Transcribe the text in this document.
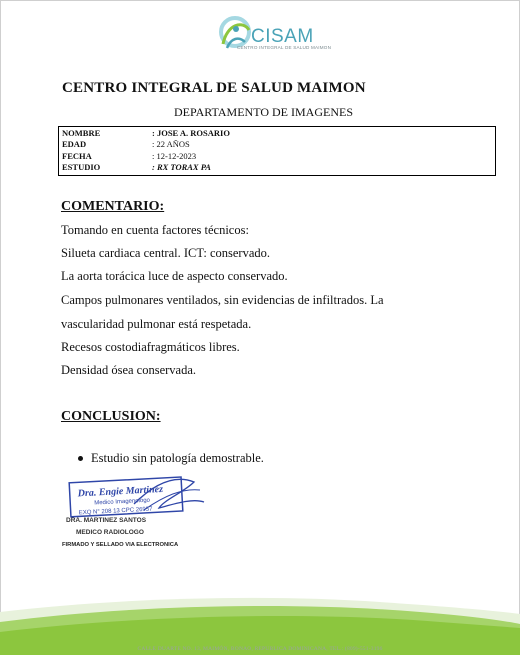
CISAM
CENTRO INTEGRAL DE SALUD MAIMON
CENTRO INTEGRAL DE SALUD MAIMON
DEPARTAMENTO DE IMAGENES
NOMBRE	: JOSE A. ROSARIO
EDAD	: 22 AÑOS
FECHA	: 12-12-2023
ESTUDIO	: RX TORAX PA
COMENTARIO:
Tomando en cuenta factores técnicos:
Silueta cardiaca central. ICT: conservado.
La aorta torácica luce de aspecto conservado.
Campos pulmonares ventilados, sin evidencias de infiltrados. La
vascularidad pulmonar está respetada.
Recesos costodiafragmáticos libres.
Densidad ósea conservada.
CONCLUSION:
Estudio sin patología demostrable.
Dra. Engie Martinez
Medico Imagenologo
EXQ N° 208 13 CPC 26957
DRA. MARTINEZ SANTOS
MEDICO RADIOLOGO
FIRMADO Y SELLADO VIA ELECTRONICA
CALLE DUARTE NO. 13, MAIMÓN, BONAO, REPUBLICA DOMINICANA, TEL.: (809)-551-3196
